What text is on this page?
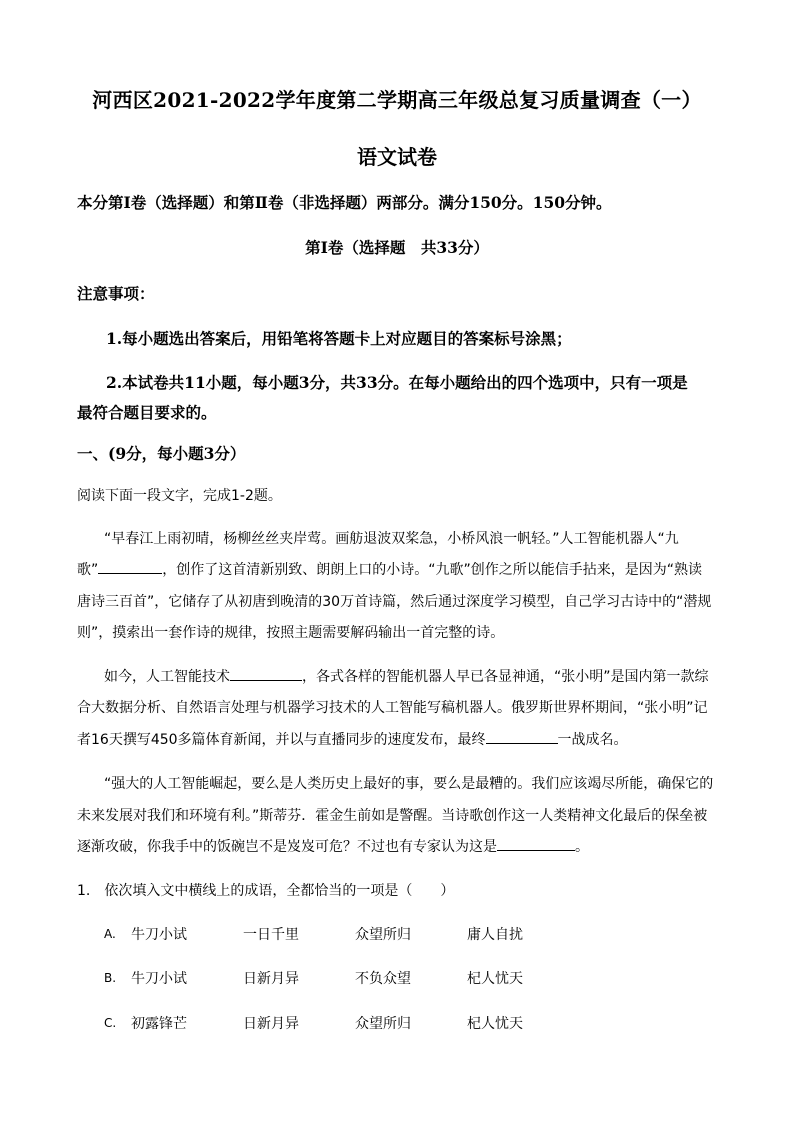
河西区2021-2022学年度第二学期高三年级总复习质量调查（一）
语文试卷
本分第Ⅰ卷（选择题）和第Ⅱ卷（非选择题）两部分。满分150分。150分钟。
第Ⅰ卷（选择题　共33分）
注意事项：
1.每小题选出答案后，用铅笔将答题卡上对应题目的答案标号涂黑；
2.本试卷共11小题，每小题3分，共33分。在每小题给出的四个选项中，只有一项是
最符合题目要求的。
一、(9分，每小题3分）
阅读下面一段文字，完成1-2题。
“早春江上雨初晴，杨柳丝丝夹岸莺。画舫退波双桨急，小桥风浪一帆轻。”人工智能机器人“九
歌”	，创作了这首清新别致、朗朗上口的小诗。“九歌”创作之所以能信手拈来，是因为“熟读
唐诗三百首”，它储存了从初唐到晚清的30万首诗篇，然后通过深度学习模型，自己学习古诗中的“潜规
则”，摸索出一套作诗的规律，按照主题需要解码输出一首完整的诗。
如今，人工智能技术	，各式各样的智能机器人早已各显神通，“张小明”是国内第一款综
合大数据分析、自然语言处理与机器学习技术的人工智能写稿机器人。俄罗斯世界杯期间，“张小明”记
者16天撰写450多篇体育新闻，并以与直播同步的速度发布，最终	一战成名。
“强大的人工智能崛起，要么是人类历史上最好的事，要么是最糟的。我们应该竭尽所能，确保它的
未来发展对我们和环境有利。”斯蒂芬．霍金生前如是警醒。当诗歌创作这一人类精神文化最后的保垒被
逐渐攻破，你我手中的饭碗岂不是岌岌可危？不过也有专家认为这是	。
1.　依次填入文中横线上的成语，全都恰当的一项是（　　）
A. 牛刀小试	一日千里	众望所归	庸人自扰
B. 牛刀小试	日新月异	不负众望	杞人忧天
C. 初露锋芒	日新月异	众望所归	杞人忧天
